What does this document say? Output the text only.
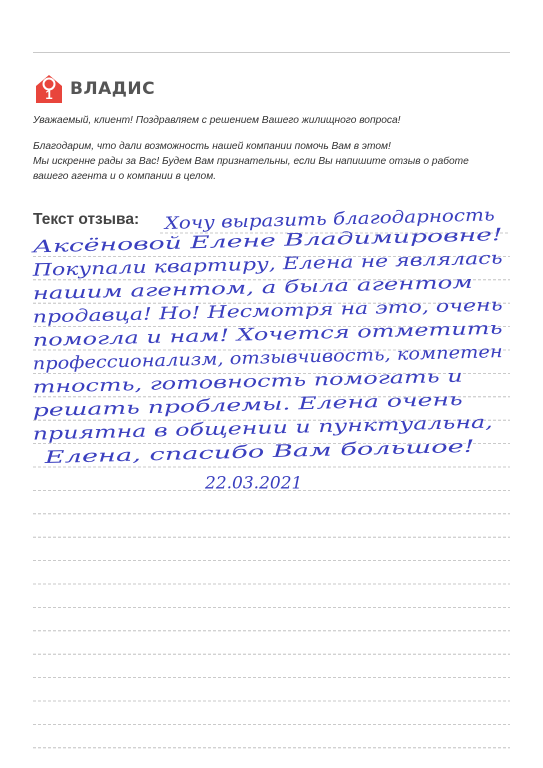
1 ВЛАДИС
Уважаемый, клиент! Поздравляем с решением Вашего жилищного вопроса!
Благодарим, что дали возможность нашей компании помочь Вам в этом!
Мы искренне рады за Вас! Будем Вам признательны, если Вы напишите отзыв о работе
вашего агента и о компании в целом.
Текст отзыва: Хочу выразить благодарность
Аксёновой Елене Владимировне!
Покупали квартиру, Елена не являлась
нашим агентом, а была агентом
продавца! Но! Несмотря на это, очень
помогла и нам! Хочется отметить
профессионализм, отзывчивость, компетен
тность, готовность помогать и
решать проблемы. Елена очень
приятна в общении и пунктуальна,
Елена, спасибо Вам большое!
22.03.2021
